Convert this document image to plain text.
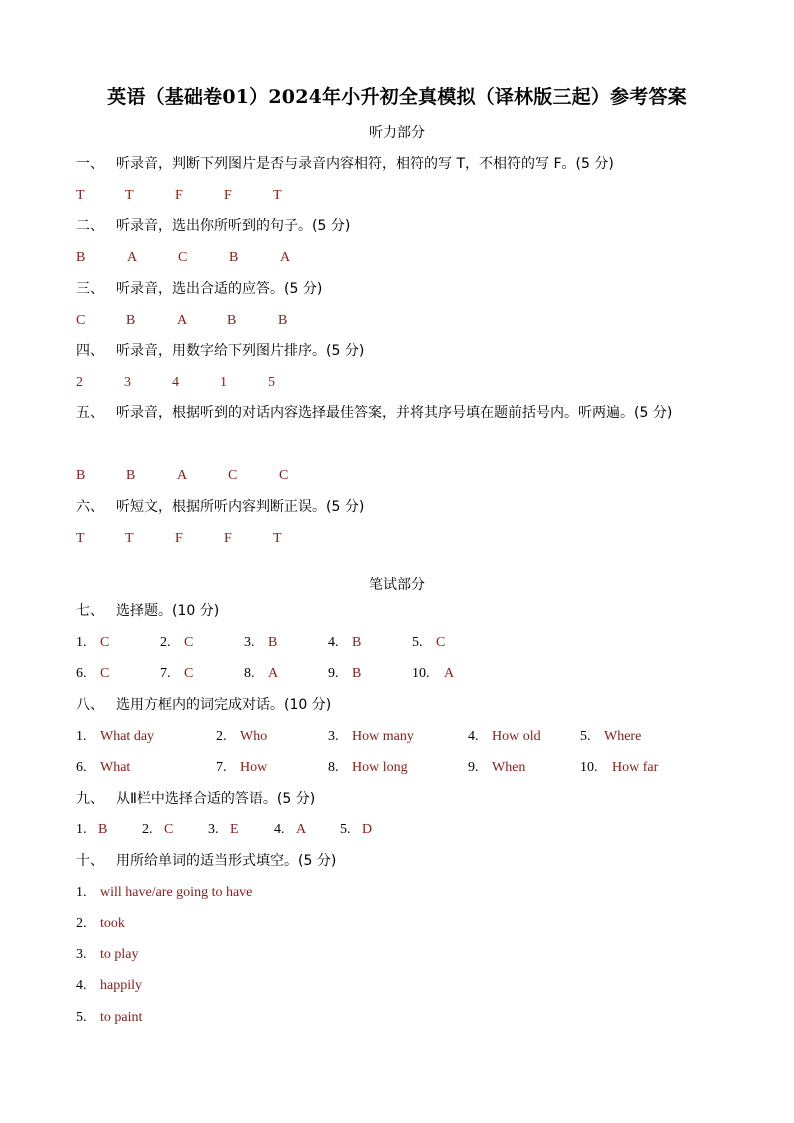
英语（基础卷01）2024年小升初全真模拟（译林版三起）参考答案
听力部分
一、 听录音，判断下列图片是否与录音内容相符，相符的写 T，不相符的写 F。(5 分)
T	T	F	F	T
二、 听录音，选出你所听到的句子。(5 分)
B	A	C	B	A
三、 听录音，选出合适的应答。(5 分)
C	B	A	B	B
四、 听录音，用数字给下列图片排序。(5 分)
2	3	4	1	5
五、 听录音，根据听到的对话内容选择最佳答案，并将其序号填在题前括号内。听两遍。(5 分)
B	B	A	C	C
六、 听短文，根据所听内容判断正误。(5 分)
T	T	F	F	T
笔试部分
七、 选择题。(10 分)
1. C	2. C	3. B	4. B	5. C
6. C	7. C	8. A	9. B	10. A
八、 选用方框内的词完成对话。(10 分)
1. What day	2. Who	3. How many	4. How old	5. Where
6. What	7. How	8. How long	9. When	10. How far
九、 从Ⅱ栏中选择合适的答语。(5 分)
1. B 2. C 3. E	4. A 5. D
十、 用所给单词的适当形式填空。(5 分)
1. will have/are going to have
2. took
3. to play
4. happily
5. to paint
